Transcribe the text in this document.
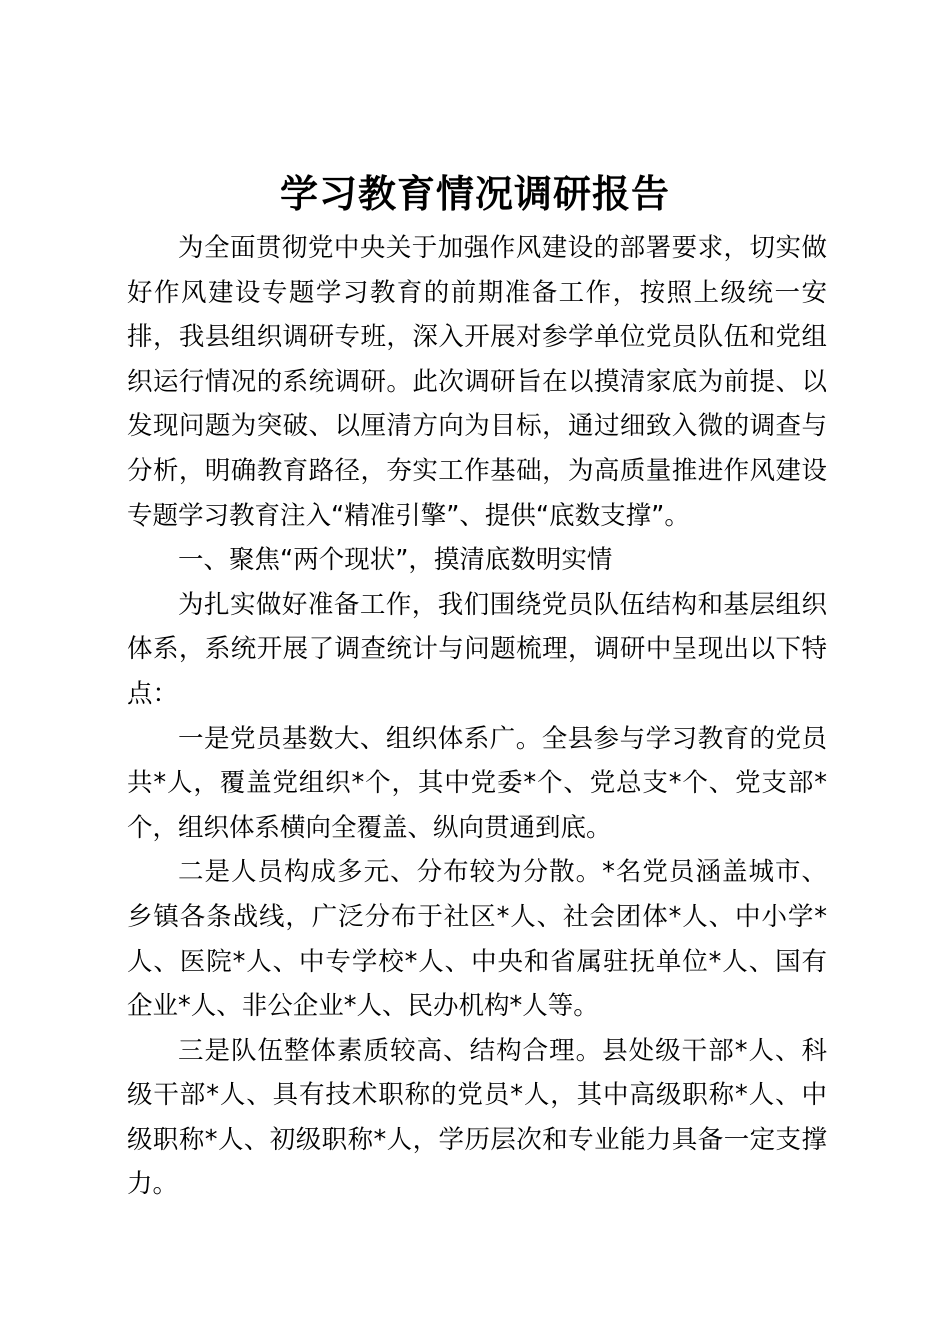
学习教育情况调研报告

为全面贯彻党中央关于加强作风建设的部署要求，切实做好作风建设专题学习教育的前期准备工作，按照上级统一安排，我县组织调研专班，深入开展对参学单位党员队伍和党组织运行情况的系统调研。此次调研旨在以摸清家底为前提、以发现问题为突破、以厘清方向为目标，通过细致入微的调查与分析，明确教育路径，夯实工作基础，为高质量推进作风建设专题学习教育注入“精准引擎”、提供“底数支撑”。

一、聚焦“两个现状”，摸清底数明实情

为扎实做好准备工作，我们围绕党员队伍结构和基层组织体系，系统开展了调查统计与问题梳理，调研中呈现出以下特点：

一是党员基数大、组织体系广。全县参与学习教育的党员共*人，覆盖党组织*个，其中党委*个、党总支*个、党支部*个，组织体系横向全覆盖、纵向贯通到底。

二是人员构成多元、分布较为分散。*名党员涵盖城市、乡镇各条战线，广泛分布于社区*人、社会团体*人、中小学*人、医院*人、中专学校*人、中央和省属驻抚单位*人、国有企业*人、非公企业*人、民办机构*人等。

三是队伍整体素质较高、结构合理。县处级干部*人、科级干部*人、具有技术职称的党员*人，其中高级职称*人、中级职称*人、初级职称*人，学历层次和专业能力具备一定支撑力。
